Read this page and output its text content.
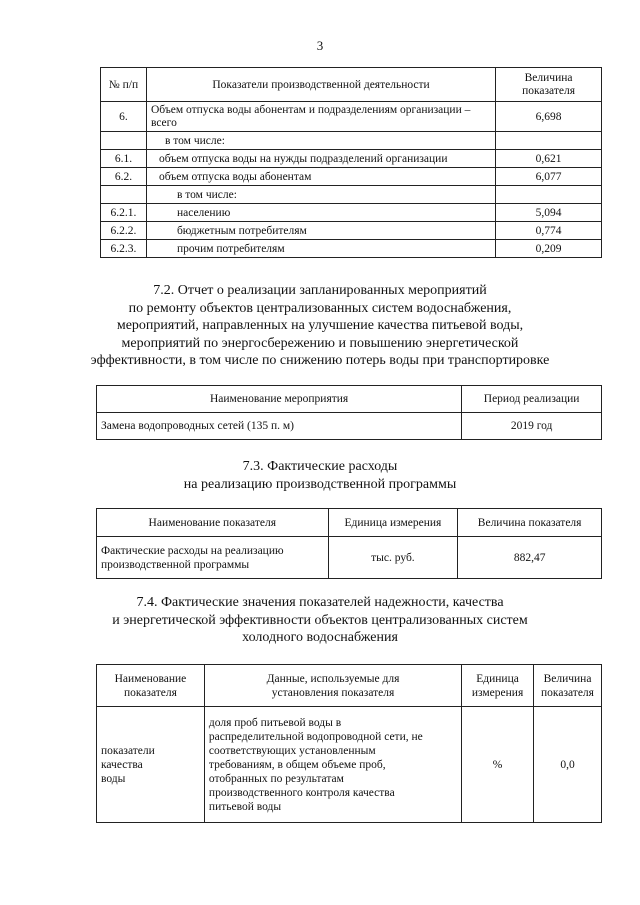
3
№ п/п	Показатели производственной деятельности	Величина показателя
6.	Объем отпуска воды абонентам и подразделениям организации – всего	6,698
	в том числе:	
6.1.	объем отпуска воды на нужды подразделений организации	0,621
6.2.	объем отпуска воды абонентам	6,077
	в том числе:	
6.2.1.	населению	5,094
6.2.2.	бюджетным потребителям	0,774
6.2.3.	прочим потребителям	0,209
7.2. Отчет о реализации запланированных мероприятий
по ремонту объектов централизованных систем водоснабжения,
мероприятий, направленных на улучшение качества питьевой воды,
мероприятий по энергосбережению и повышению энергетической
эффективности, в том числе по снижению потерь воды при транспортировке
Наименование мероприятия	Период реализации
Замена водопроводных сетей (135 п. м)	2019 год
7.3. Фактические расходы
на реализацию производственной программы
Наименование показателя	Единица измерения	Величина показателя
Фактические расходы на реализацию производственной программы	тыс. руб.	882,47
7.4. Фактические значения показателей надежности, качества
и энергетической эффективности объектов централизованных систем
холодного водоснабжения
Наименование показателя	Данные, используемые для установления показателя	Единица измерения	Величина показателя
показатели качества воды	доля проб питьевой воды в распределительной водопроводной сети, не соответствующих установленным требованиям, в общем объеме проб, отобранных по результатам производственного контроля качества питьевой воды	%	0,0
